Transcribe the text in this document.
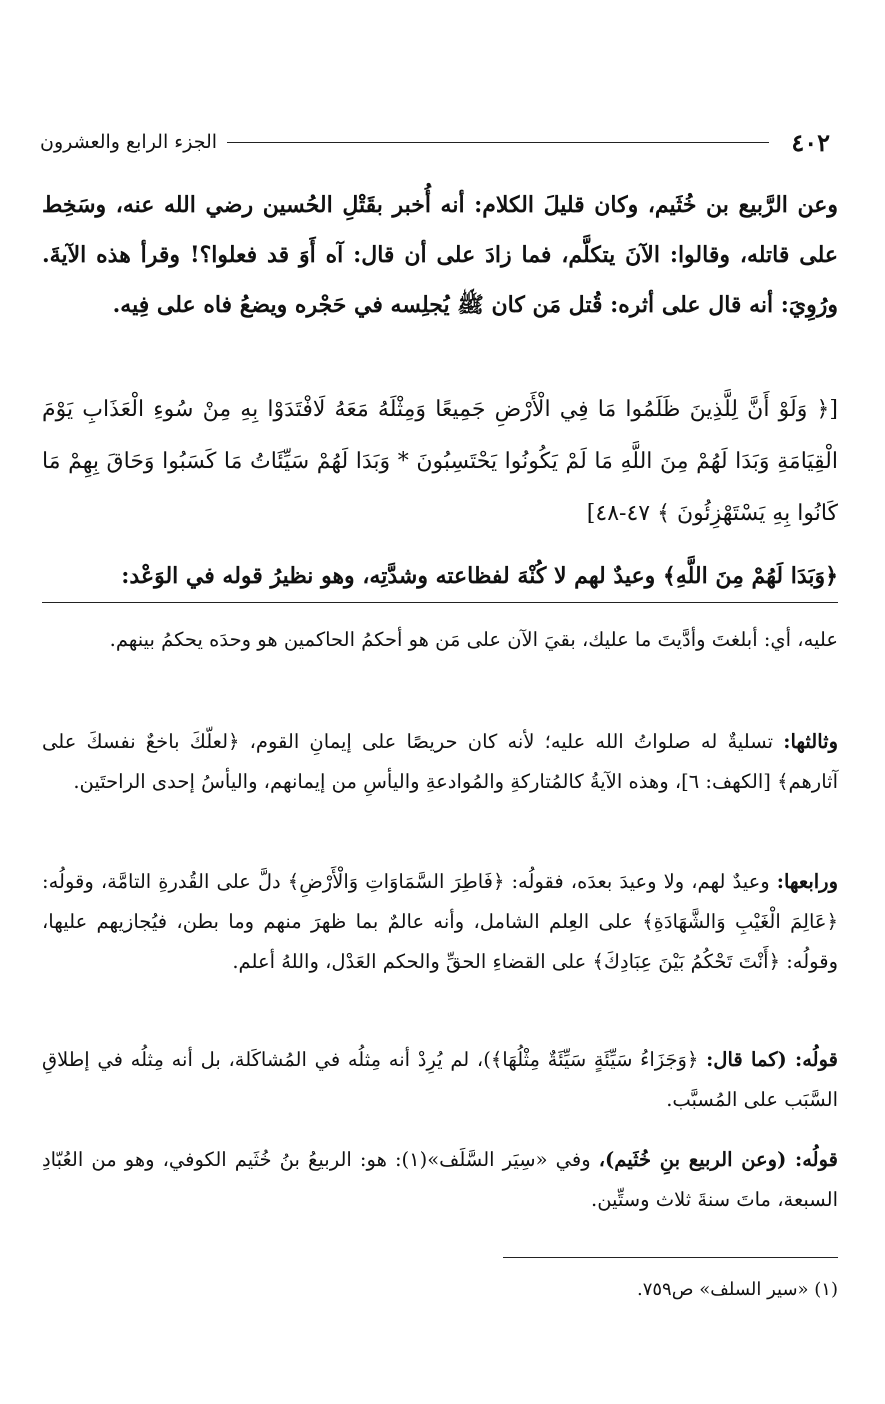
٤٠٢
الجزء الرابع والعشرون

وعن الرَّبيع بن خُثَيم، وكان قليلَ الكلام: أنه أُخبر بقَتْلِ الحُسين رضي الله عنه، وسَخِط على قاتله، وقالوا: الآنَ يتكلَّم، فما زادَ على أن قال: آه أَوَ قد فعلوا؟! وقرأ هذه الآيةَ. ورُوِيَ: أنه قال على أثره: قُتل مَن كان ﷺ يُجلِسه في حَجْره ويضعُ فاه على فِيه.

[﴿ وَلَوْ أَنَّ لِلَّذِينَ ظَلَمُوا مَا فِي الْأَرْضِ جَمِيعًا وَمِثْلَهُ مَعَهُ لَافْتَدَوْا بِهِ مِنْ سُوءِ الْعَذَابِ يَوْمَ الْقِيَامَةِ وَبَدَا لَهُمْ مِنَ اللَّهِ مَا لَمْ يَكُونُوا يَحْتَسِبُونَ * وَبَدَا لَهُمْ سَيِّئَاتُ مَا كَسَبُوا وَحَاقَ بِهِمْ مَا كَانُوا بِهِ يَسْتَهْزِئُونَ ﴾ ٤٧-٤٨]

﴿وَبَدَا لَهُمْ مِنَ اللَّهِ﴾ وعيدٌ لهم لا كُنْهَ لفظاعته وشدَّتِه، وهو نظيرُ قوله في الوَعْد:

عليه، أي: أبلغتَ وأدَّيتَ ما عليك، بقيَ الآن على مَن هو أحكمُ الحاكمين هو وحدَه يحكمُ بينهم.

وثالثها: تسليةٌ له صلواتُ الله عليه؛ لأنه كان حريصًا على إيمانِ القوم، ﴿لعلّكَ باخعٌ نفسكَ على آثارهم﴾ [الكهف: ٦]، وهذه الآيةُ كالمُتاركةِ والمُوادعةِ واليأسِ من إيمانهم، واليأسُ إحدى الراحتَين.

ورابعها: وعيدٌ لهم، ولا وعيدَ بعدَه، فقولُه: ﴿فَاطِرَ السَّمَاوَاتِ وَالْأَرْضِ﴾ دلَّ على القُدرةِ التامَّة، وقولُه: ﴿عَالِمَ الْغَيْبِ وَالشَّهَادَةِ﴾ على العِلم الشامل، وأنه عالمٌ بما ظهرَ منهم وما بطن، فيُجازيهم عليها، وقولُه: ﴿أَنْتَ تَحْكُمُ بَيْنَ عِبَادِكَ﴾ على القضاءِ الحقِّ والحكم العَدْل، واللهُ أعلم.

قولُه: (كما قال: ﴿وَجَزَاءُ سَيِّئَةٍ سَيِّئَةٌ مِثْلُهَا﴾)، لم يُرِدْ أنه مِثلُه في المُشاكَلة، بل أنه مِثلُه في إطلاقِ السَّبَب على المُسبَّب.

قولُه: (وعن الربيع بنِ خُثَيم)، وفي «سِيَر السَّلَف»(١): هو: الربيعُ بنُ خُثَيم الكوفي، وهو من العُبّادِ السبعة، ماتَ سنةَ ثلاث وستِّين.

(١) «سير السلف» ص٧٥٩.
